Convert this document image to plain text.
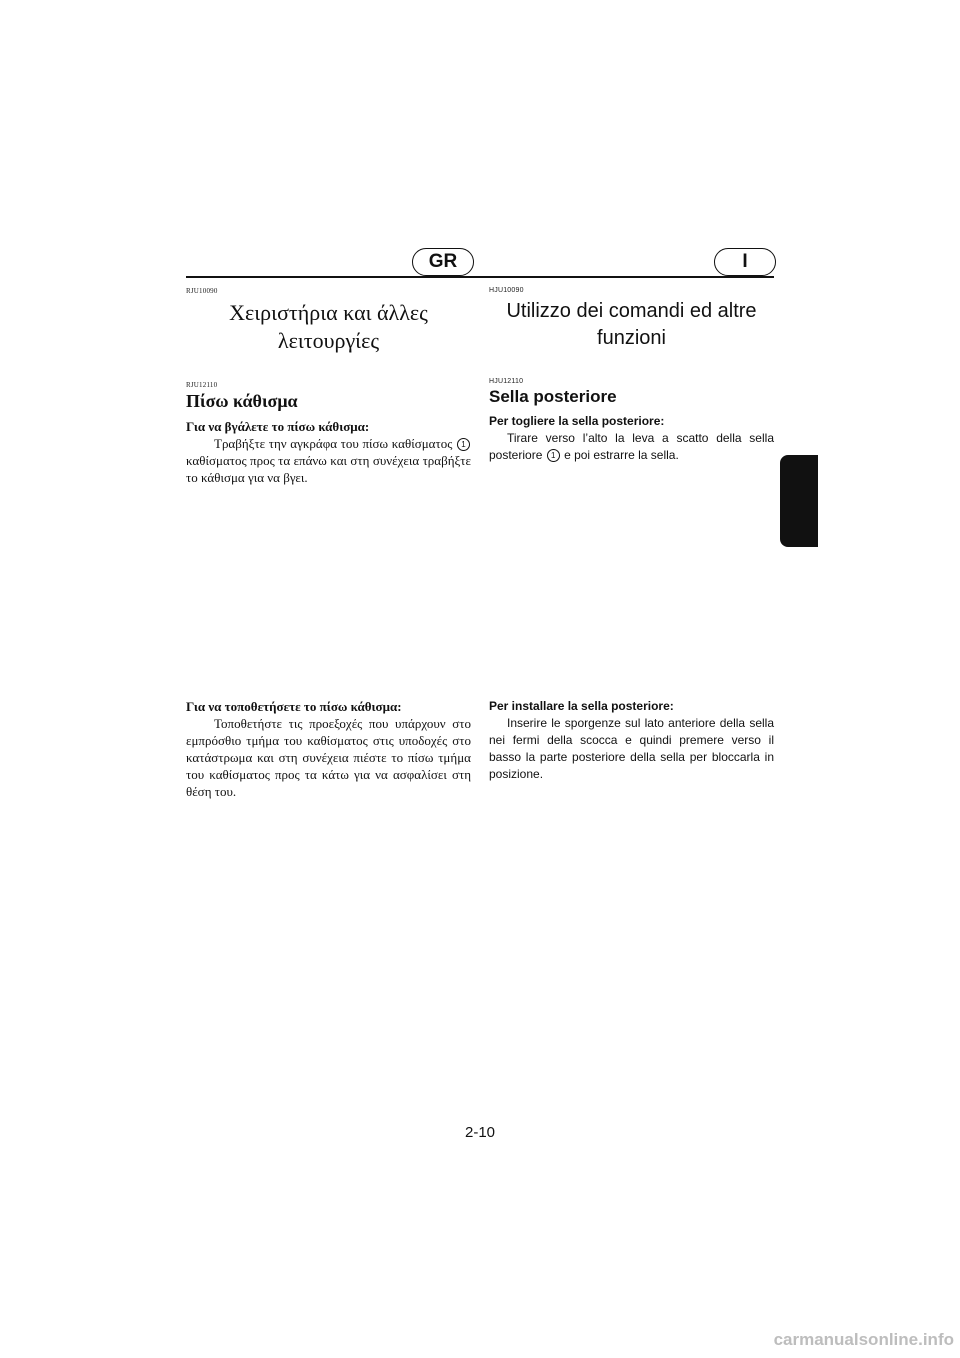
GR	I
RJU10090
Χειριστήρια και άλλες
λειτουργίες
RJU12110
Πίσω κάθισμα
Για να βγάλετε το πίσω κάθισμα:

Τραβήξτε την αγκράφα του πίσω καθίσματος 1 καθίσματος προς τα επάνω και στη συνέχεια τραβήξτε το κάθισμα για να βγει.

Για να τοποθετήσετε το πίσω κάθισμα:

Τοποθετήστε τις προεξοχές που υπάρχουν στο εμπρόσθιο τμήμα του καθίσματος στις υποδοχές στο κατάστρωμα και στη συνέχεια πιέστε το πίσω τμήμα του καθίσματος προς τα κάτω για να ασφαλίσει στη θέση του.

HJU10090
Utilizzo dei comandi ed altre
funzioni
HJU12110
Sella posteriore
Per togliere la sella posteriore:

Tirare verso l’alto la leva a scatto della sella posteriore 1 e poi estrarre la sella.

Per installare la sella posteriore:

Inserire le sporgenze sul lato anteriore della sella nei fermi della scocca e quindi premere verso il basso la parte posteriore della sella per bloccarla in posizione.

2-10
carmanualsonline.info
